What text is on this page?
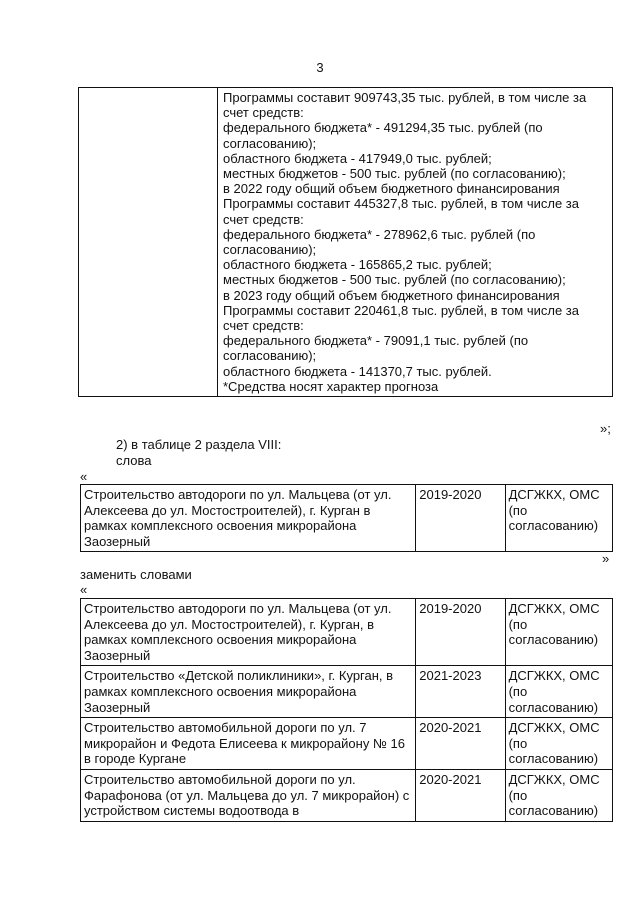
3

Программы составит 909743,35 тыс. рублей, в том числе за

счет средств:

федерального бюджета* - 491294,35 тыс. рублей (по

согласованию);

областного бюджета - 417949,0 тыс. рублей;

местных бюджетов - 500 тыс. рублей (по согласованию);

в 2022 году общий объем бюджетного финансирования

Программы составит 445327,8 тыс. рублей, в том числе за

счет средств:

федерального бюджета* - 278962,6 тыс. рублей (по

согласованию);

областного бюджета - 165865,2 тыс. рублей;

местных бюджетов - 500 тыс. рублей (по согласованию);

в 2023 году общий объем бюджетного финансирования

Программы составит 220461,8 тыс. рублей, в том числе за

счет средств:

федерального бюджета* - 79091,1 тыс. рублей (по

согласованию);

областного бюджета - 141370,7 тыс. рублей.

*Средства носят характер прогноза

»;
2) в таблице 2 раздела VIII:
слова
«
Строительство автодороги по ул. Мальцева (от ул. Алексеева до ул. Мостостроителей), г. Курган в рамках комплексного освоения микрорайона Заозерный	2019-2020	ДСГЖКХ, ОМС (по согласованию)
»
заменить словами
«
Строительство автодороги по ул. Мальцева (от ул. Алексеева до ул. Мостостроителей), г. Курган, в рамках комплексного освоения микрорайона Заозерный	2019-2020	ДСГЖКХ, ОМС (по согласованию)
Строительство «Детской поликлиники», г. Курган, в рамках комплексного освоения микрорайона Заозерный	2021-2023	ДСГЖКХ, ОМС (по согласованию)
Строительство автомобильной дороги по ул. 7 микрорайон и Федота Елисеева к микрорайону № 16 в городе Кургане	2020-2021	ДСГЖКХ, ОМС (по согласованию)
Строительство автомобильной дороги по ул. Фарафонова (от ул. Мальцева до ул. 7 микрорайон) с устройством системы водоотвода в	2020-2021	ДСГЖКХ, ОМС (по согласованию)
